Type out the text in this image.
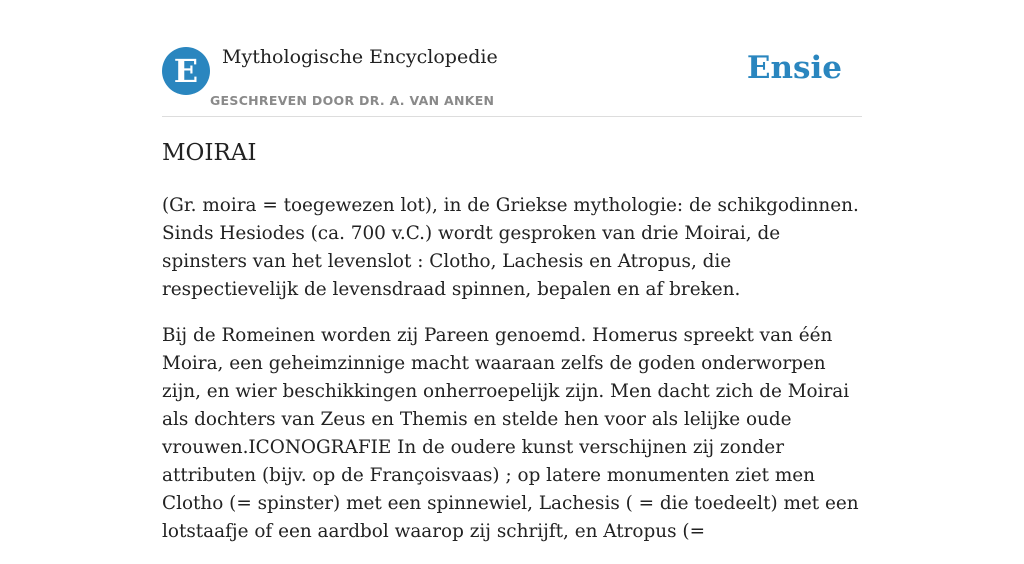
E	Mythologische Encyclopedie
GESCHREVEN DOOR DR. A. VAN ANKEN
Ensie
MOIRAI

(Gr. moira = toegewezen lot), in de Griekse mythologie: de schikgodinnen. Sinds Hesiodes (ca. 700 v.C.) wordt gesproken van drie Moirai, de spinsters van het levenslot : Clotho, Lachesis en Atropus, die respectievelijk de levensdraad spinnen, bepalen en af breken.

Bij de Romeinen worden zij Pareen genoemd. Homerus spreekt van één Moira, een geheimzinnige macht waaraan zelfs de goden onderworpen zijn, en wier beschikkingen onherroepelijk zijn. Men dacht zich de Moirai als dochters van Zeus en Themis en stelde hen voor als lelijke oude vrouwen.ICONOGRAFIE In de oudere kunst verschijnen zij zonder attributen (bijv. op de Françoisvaas) ; op latere monumenten ziet men Clotho (= spinster) met een spinnewiel, Lachesis ( = die toedeelt) met een lotstaafje of een aardbol waarop zij schrijft, en Atropus (=
